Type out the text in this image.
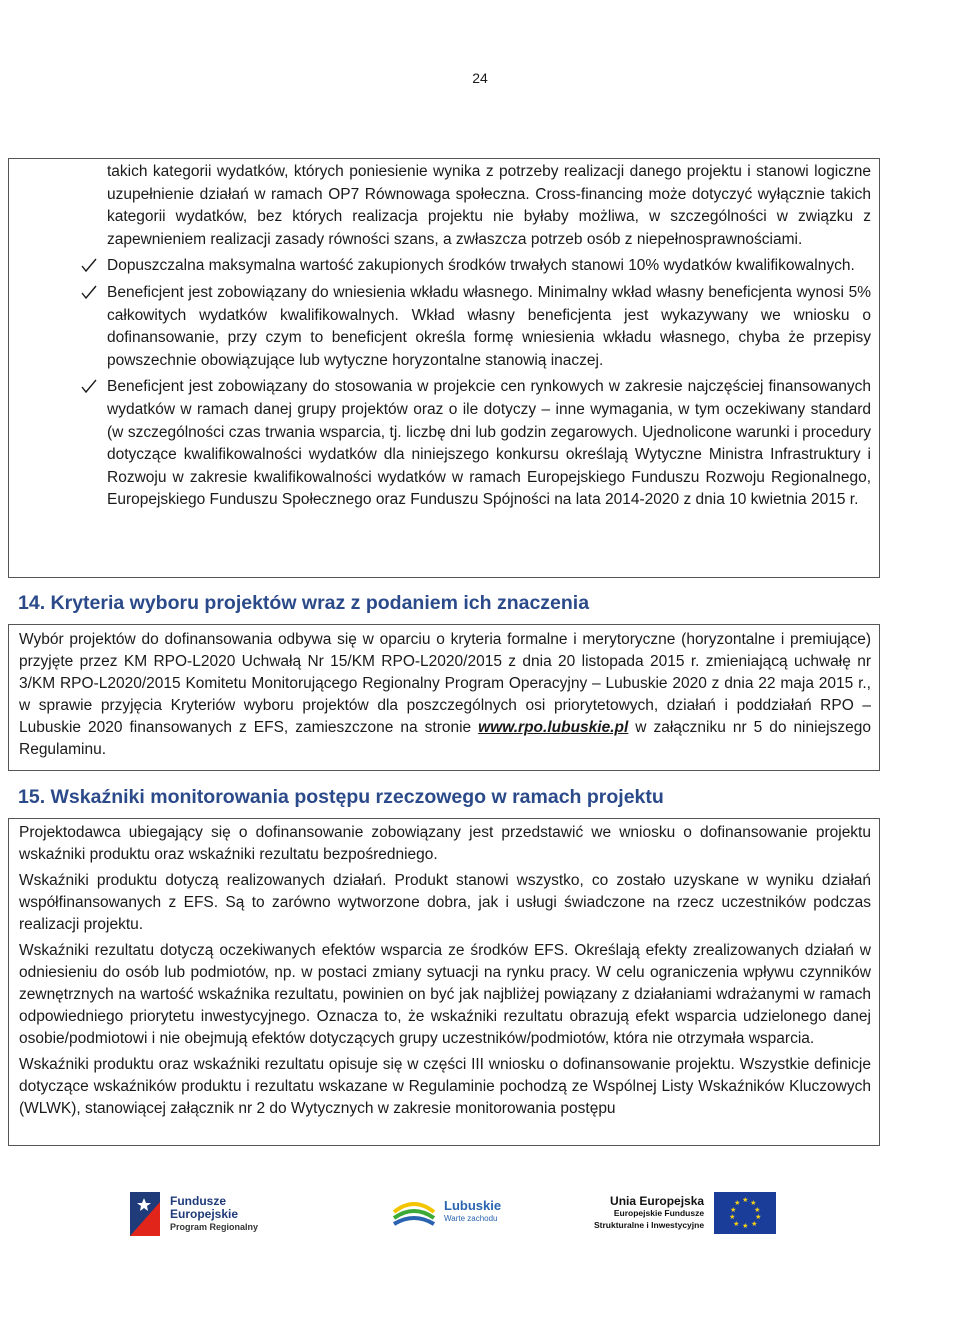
24

takich kategorii wydatków, których poniesienie wynika z potrzeby realizacji danego projektu i stanowi logiczne uzupełnienie działań w ramach OP7 Równowaga społeczna. Cross-financing może dotyczyć wyłącznie takich kategorii wydatków, bez których realizacja projektu nie byłaby możliwa, w szczególności w związku z zapewnieniem realizacji zasady równości szans, a zwłaszcza potrzeb osób z niepełnosprawnościami.

Dopuszczalna maksymalna wartość zakupionych środków trwałych stanowi 10% wydatków kwalifikowalnych.
Beneficjent jest zobowiązany do wniesienia wkładu własnego. Minimalny wkład własny beneficjenta wynosi 5% całkowitych wydatków kwalifikowalnych. Wkład własny beneficjenta jest wykazywany we wniosku o dofinansowanie, przy czym to beneficjent określa formę wniesienia wkładu własnego, chyba że przepisy powszechnie obowiązujące lub wytyczne horyzontalne stanowią inaczej.
Beneficjent jest zobowiązany do stosowania w projekcie cen rynkowych w zakresie najczęściej finansowanych wydatków w ramach danej grupy projektów oraz o ile dotyczy – inne wymagania, w tym oczekiwany standard (w szczególności czas trwania wsparcia, tj. liczbę dni lub godzin zegarowych. Ujednolicone warunki i procedury dotyczące kwalifikowalności wydatków dla niniejszego konkursu określają Wytyczne Ministra Infrastruktury i Rozwoju w zakresie kwalifikowalności wydatków w ramach Europejskiego Funduszu Rozwoju Regionalnego, Europejskiego Funduszu Społecznego oraz Funduszu Spójności na lata 2014-2020 z dnia 10 kwietnia 2015 r.
14. Kryteria wyboru projektów wraz z podaniem ich znaczenia

Wybór projektów do dofinansowania odbywa się w oparciu o kryteria formalne i merytoryczne (horyzontalne i premiujące) przyjęte przez KM RPO-L2020 Uchwałą Nr 15/KM RPO-L2020/2015 z dnia 20 listopada 2015 r. zmieniającą uchwałę nr 3/KM RPO-L2020/2015 Komitetu Monitorującego Regionalny Program Operacyjny – Lubuskie 2020 z dnia 22 maja 2015 r., w sprawie przyjęcia Kryteriów wyboru projektów dla poszczególnych osi priorytetowych, działań i poddziałań RPO – Lubuskie 2020 finansowanych z EFS, zamieszczone na stronie www.rpo.lubuskie.pl w załączniku nr 5 do niniejszego Regulaminu.

15. Wskaźniki monitorowania postępu rzeczowego w ramach projektu

Projektodawca ubiegający się o dofinansowanie zobowiązany jest przedstawić we wniosku o dofinansowanie projektu wskaźniki produktu oraz wskaźniki rezultatu bezpośredniego.

Wskaźniki produktu dotyczą realizowanych działań. Produkt stanowi wszystko, co zostało uzyskane w wyniku działań współfinansowanych z EFS. Są to zarówno wytworzone dobra, jak i usługi świadczone na rzecz uczestników podczas realizacji projektu.

Wskaźniki rezultatu dotyczą oczekiwanych efektów wsparcia ze środków EFS. Określają efekty zrealizowanych działań w odniesieniu do osób lub podmiotów, np. w postaci zmiany sytuacji na rynku pracy. W celu ograniczenia wpływu czynników zewnętrznych na wartość wskaźnika rezultatu, powinien on być jak najbliżej powiązany z działaniami wdrażanymi w ramach odpowiedniego priorytetu inwestycyjnego. Oznacza to, że wskaźniki rezultatu obrazują efekt wsparcia udzielonego danej osobie/podmiotowi i nie obejmują efektów dotyczących grupy uczestników/podmiotów, która nie otrzymała wsparcia.

Wskaźniki produktu oraz wskaźniki rezultatu opisuje się w części III wniosku o dofinansowanie projektu. Wszystkie definicje dotyczące wskaźników produktu i rezultatu wskazane w Regulaminie pochodzą ze Wspólnej Listy Wskaźników Kluczowych (WLWK), stanowiącej załącznik nr 2 do Wytycznych w zakresie monitorowania postępu

Fundusze
Europejskie
Program Regionalny
Lubuskie
Warte zachodu
Unia Europejska
Europejskie Fundusze
Strukturalne i Inwestycyjne
★ ★
★
★
★
★
★
★
★
★
